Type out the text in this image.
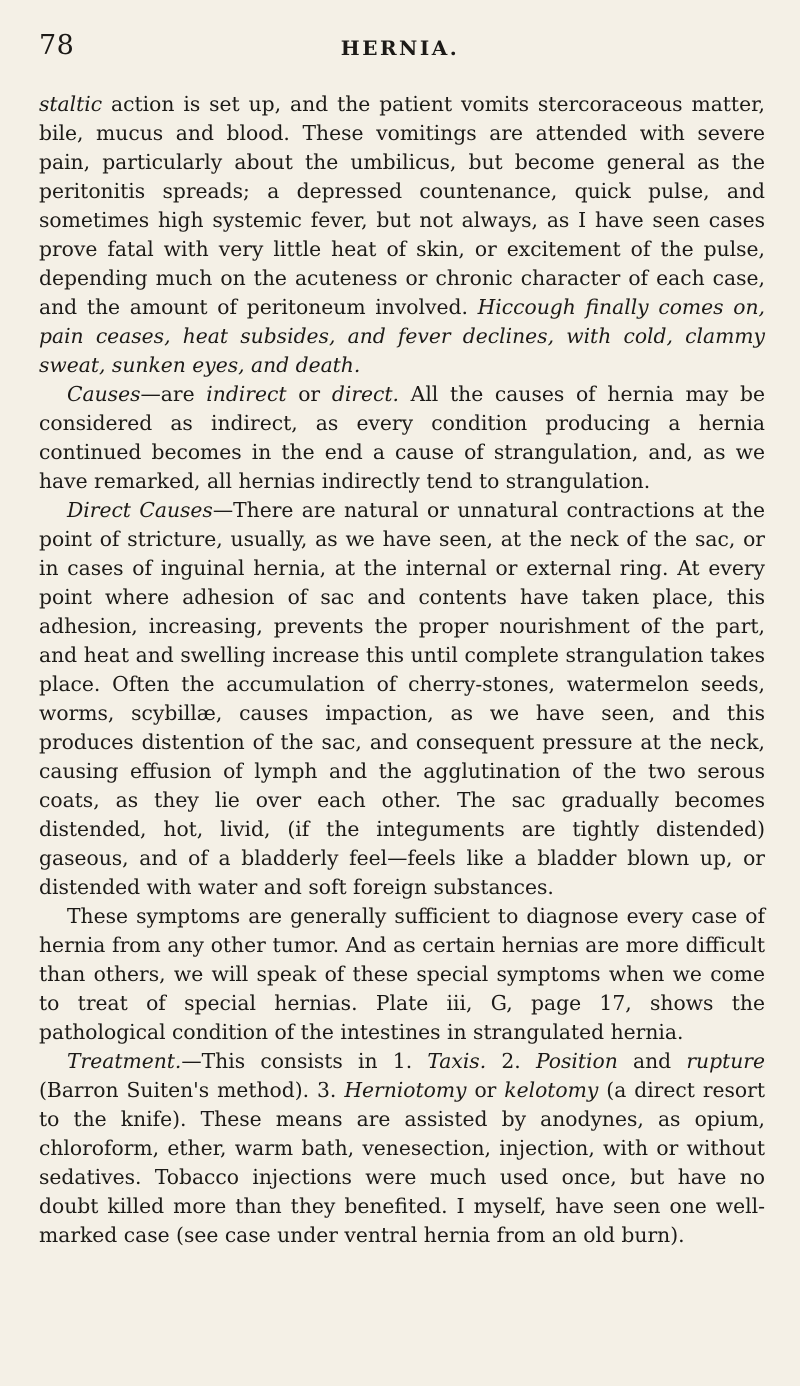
78	HERNIA.

staltic action is set up, and the patient vomits stercoraceous matter, bile, mucus and blood. These vomitings are attended with severe pain, particularly about the umbilicus, but become general as the peritonitis spreads; a depressed countenance, quick pulse, and sometimes high systemic fever, but not always, as I have seen cases prove fatal with very little heat of skin, or excitement of the pulse, depending much on the acuteness or chronic character of each case, and the amount of peritoneum involved. Hiccough finally comes on, pain ceases, heat subsides, and fever declines, with cold, clammy sweat, sunken eyes, and death.

Causes—are indirect or direct. All the causes of hernia may be considered as indirect, as every condition producing a hernia continued becomes in the end a cause of strangulation, and, as we have remarked, all hernias indirectly tend to strangulation.

Direct Causes—There are natural or unnatural contractions at the point of stricture, usually, as we have seen, at the neck of the sac, or in cases of inguinal hernia, at the internal or external ring. At every point where adhesion of sac and contents have taken place, this adhesion, increasing, prevents the proper nourishment of the part, and heat and swelling increase this until complete strangulation takes place. Often the accumulation of cherry-stones, watermelon seeds, worms, scybillæ, causes impaction, as we have seen, and this produces distention of the sac, and consequent pressure at the neck, causing effusion of lymph and the agglutination of the two serous coats, as they lie over each other. The sac gradually becomes distended, hot, livid, (if the integuments are tightly distended) gaseous, and of a bladderly feel—feels like a bladder blown up, or distended with water and soft foreign substances.

These symptoms are generally sufficient to diagnose every case of hernia from any other tumor. And as certain hernias are more difficult than others, we will speak of these special symptoms when we come to treat of special hernias. Plate iii, G, page 17, shows the pathological condition of the intestines in strangulated hernia.

Treatment.—This consists in 1. Taxis. 2. Position and rupture (Barron Suiten's method). 3. Herniotomy or kelotomy (a direct resort to the knife). These means are assisted by anodynes, as opium, chloroform, ether, warm bath, venesection, injection, with or without sedatives. Tobacco injections were much used once, but have no doubt killed more than they benefited. I myself, have seen one well-marked case (see case under ventral hernia from an old burn).
